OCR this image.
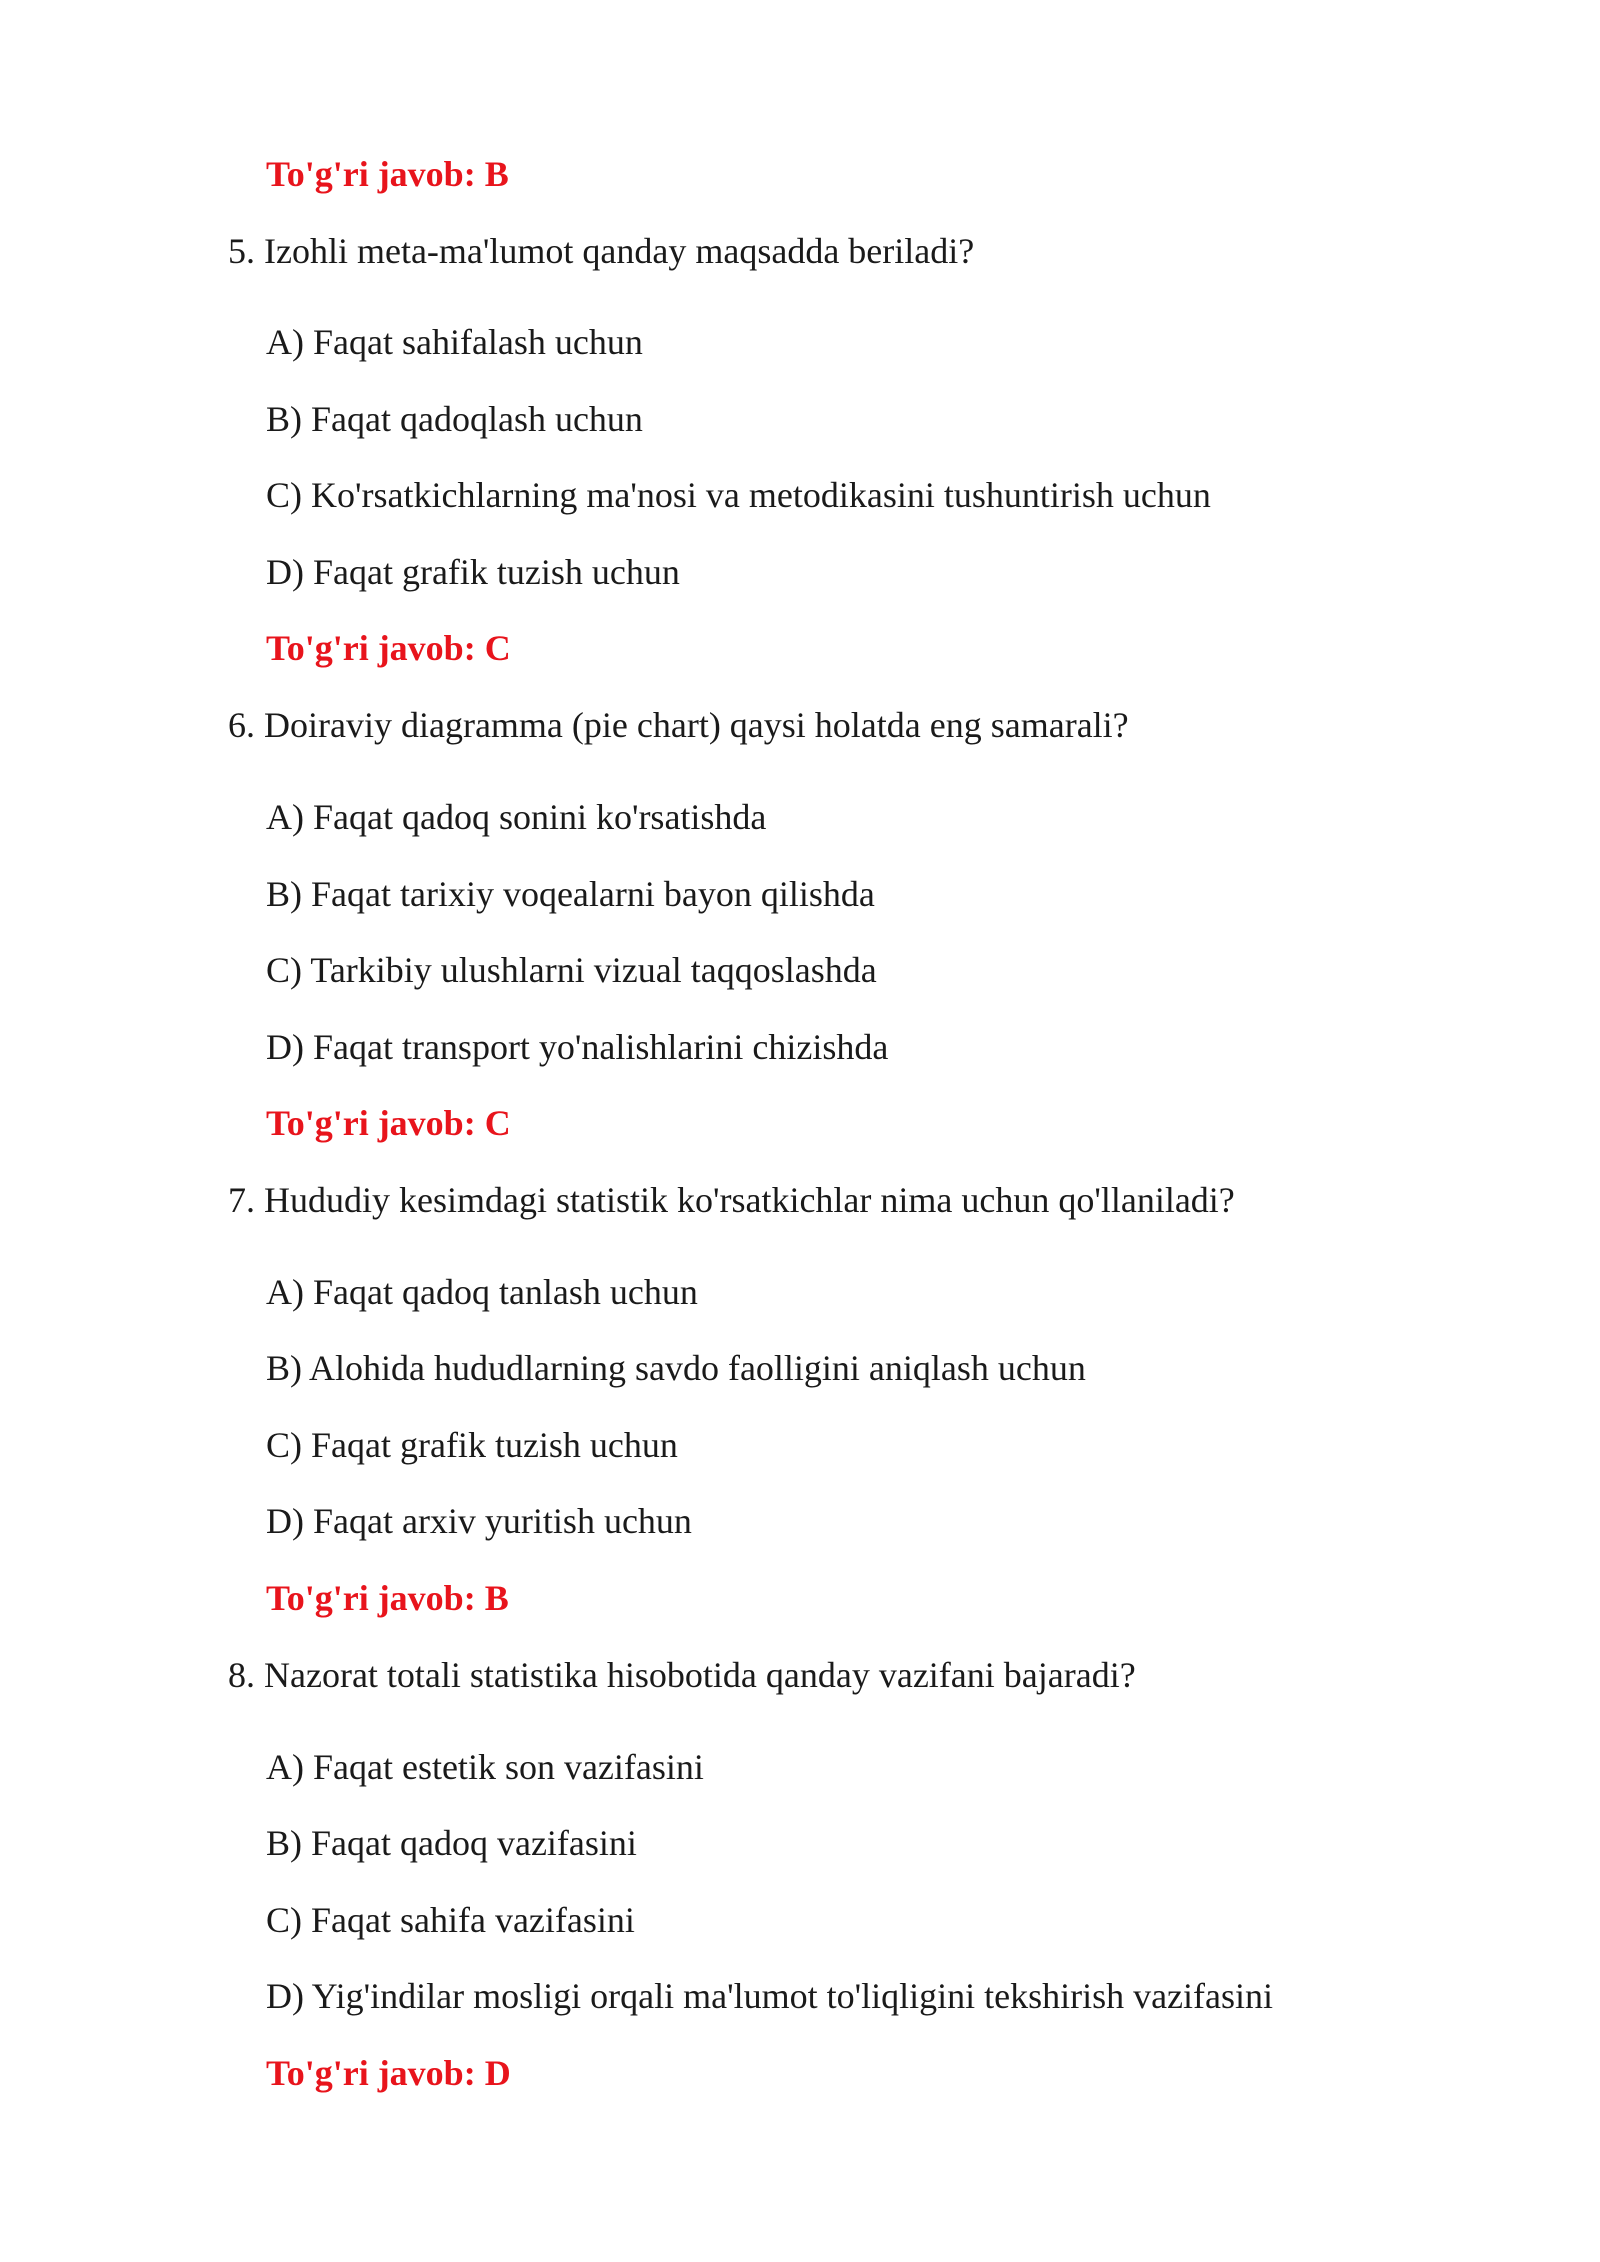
To'g'ri javob: B
5. Izohli meta-ma'lumot qanday maqsadda beriladi?
A) Faqat sahifalash uchun
B) Faqat qadoqlash uchun
C) Ko'rsatkichlarning ma'nosi va metodikasini tushuntirish uchun
D) Faqat grafik tuzish uchun
To'g'ri javob: C
6. Doiraviy diagramma (pie chart) qaysi holatda eng samarali?
A) Faqat qadoq sonini ko'rsatishda
B) Faqat tarixiy voqealarni bayon qilishda
C) Tarkibiy ulushlarni vizual taqqoslashda
D) Faqat transport yo'nalishlarini chizishda
To'g'ri javob: C
7. Hududiy kesimdagi statistik ko'rsatkichlar nima uchun qo'llaniladi?
A) Faqat qadoq tanlash uchun
B) Alohida hududlarning savdo faolligini aniqlash uchun
C) Faqat grafik tuzish uchun
D) Faqat arxiv yuritish uchun
To'g'ri javob: B
8. Nazorat totali statistika hisobotida qanday vazifani bajaradi?
A) Faqat estetik son vazifasini
B) Faqat qadoq vazifasini
C) Faqat sahifa vazifasini
D) Yig'indilar mosligi orqali ma'lumot to'liqligini tekshirish vazifasini
To'g'ri javob: D
